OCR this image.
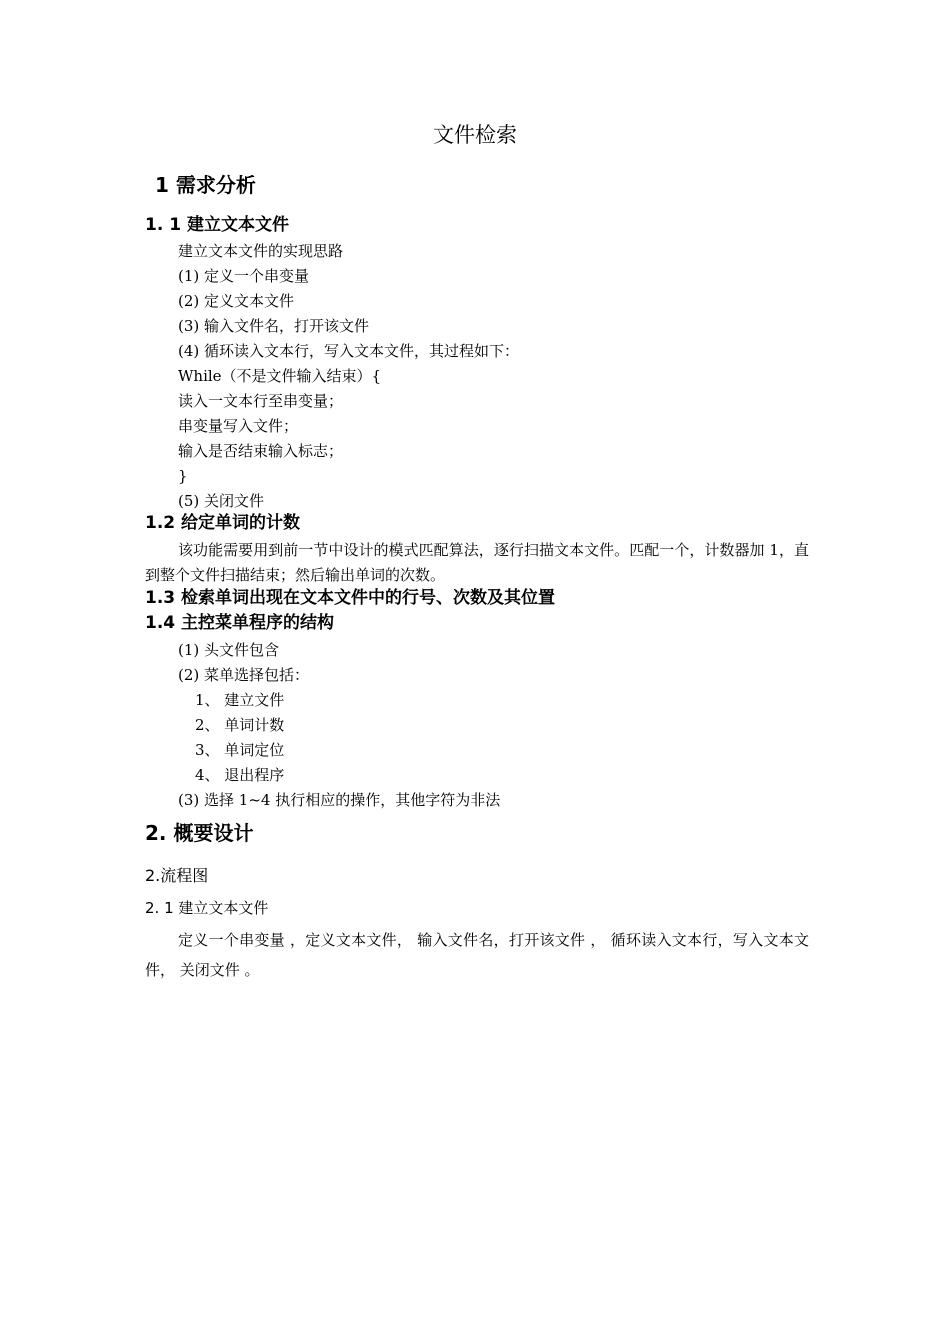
文件检索
1 需求分析
1. 1 建立文本文件
建立文本文件的实现思路
(1) 定义一个串变量
(2) 定义文本文件
(3) 输入文件名，打开该文件
(4) 循环读入文本行，写入文本文件，其过程如下：
While（不是文件输入结束）{
读入一文本行至串变量；
串变量写入文件；
输入是否结束输入标志；
}
(5) 关闭文件
1.2 给定单词的计数
该功能需要用到前一节中设计的模式匹配算法，逐行扫描文本文件。匹配一个，计数器加 1，直到整个文件扫描结束；然后输出单词的次数。
1.3 检索单词出现在文本文件中的行号、次数及其位置
1.4 主控菜单程序的结构
(1) 头文件包含
(2) 菜单选择包括：
1、 建立文件
2、 单词计数
3、 单词定位
4、 退出程序
(3) 选择 1~4 执行相应的操作，其他字符为非法
2. 概要设计
2.流程图
2. 1 建立文本文件
定义一个串变量 ，定义文本文件， 输入文件名，打开该文件 ， 循环读入文本行，写入文本文件， 关闭文件 。
